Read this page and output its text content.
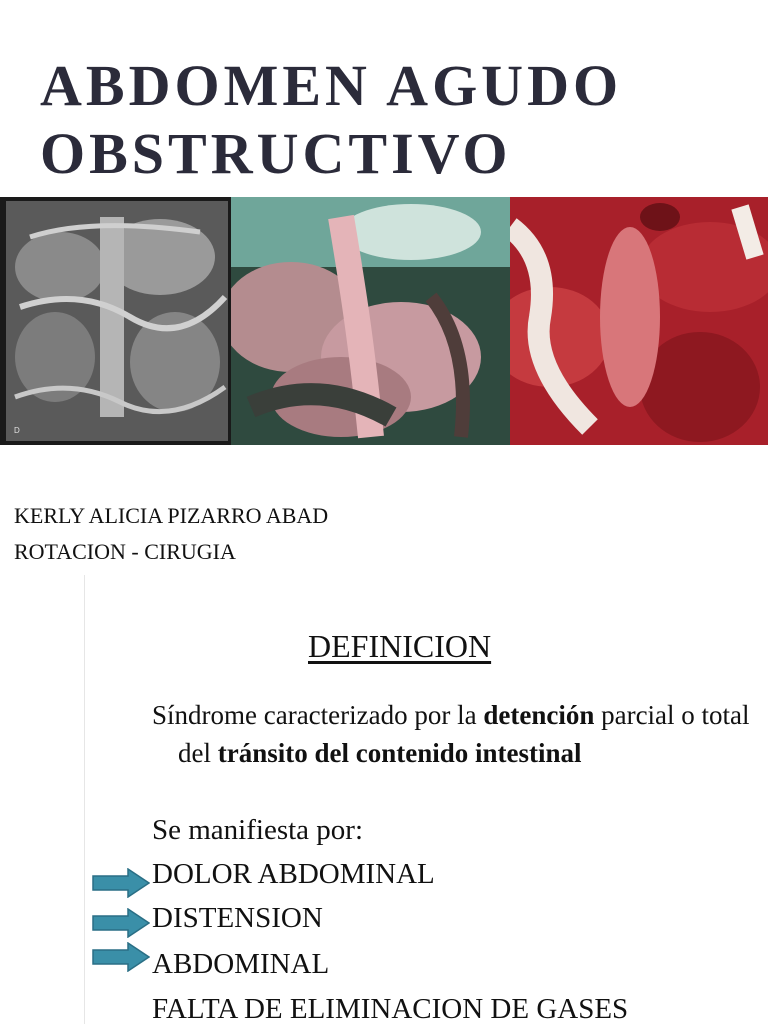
ABDOMEN AGUDO
OBSTRUCTIVO
D
KERLY ALICIA PIZARRO ABAD
ROTACION - CIRUGIA
DEFINICION
Síndrome caracterizado por la detención parcial o total del tránsito del contenido intestinal
Se manifiesta por:
DOLOR ABDOMINAL
DISTENSION
ABDOMINAL
FALTA DE ELIMINACION DE GASES
